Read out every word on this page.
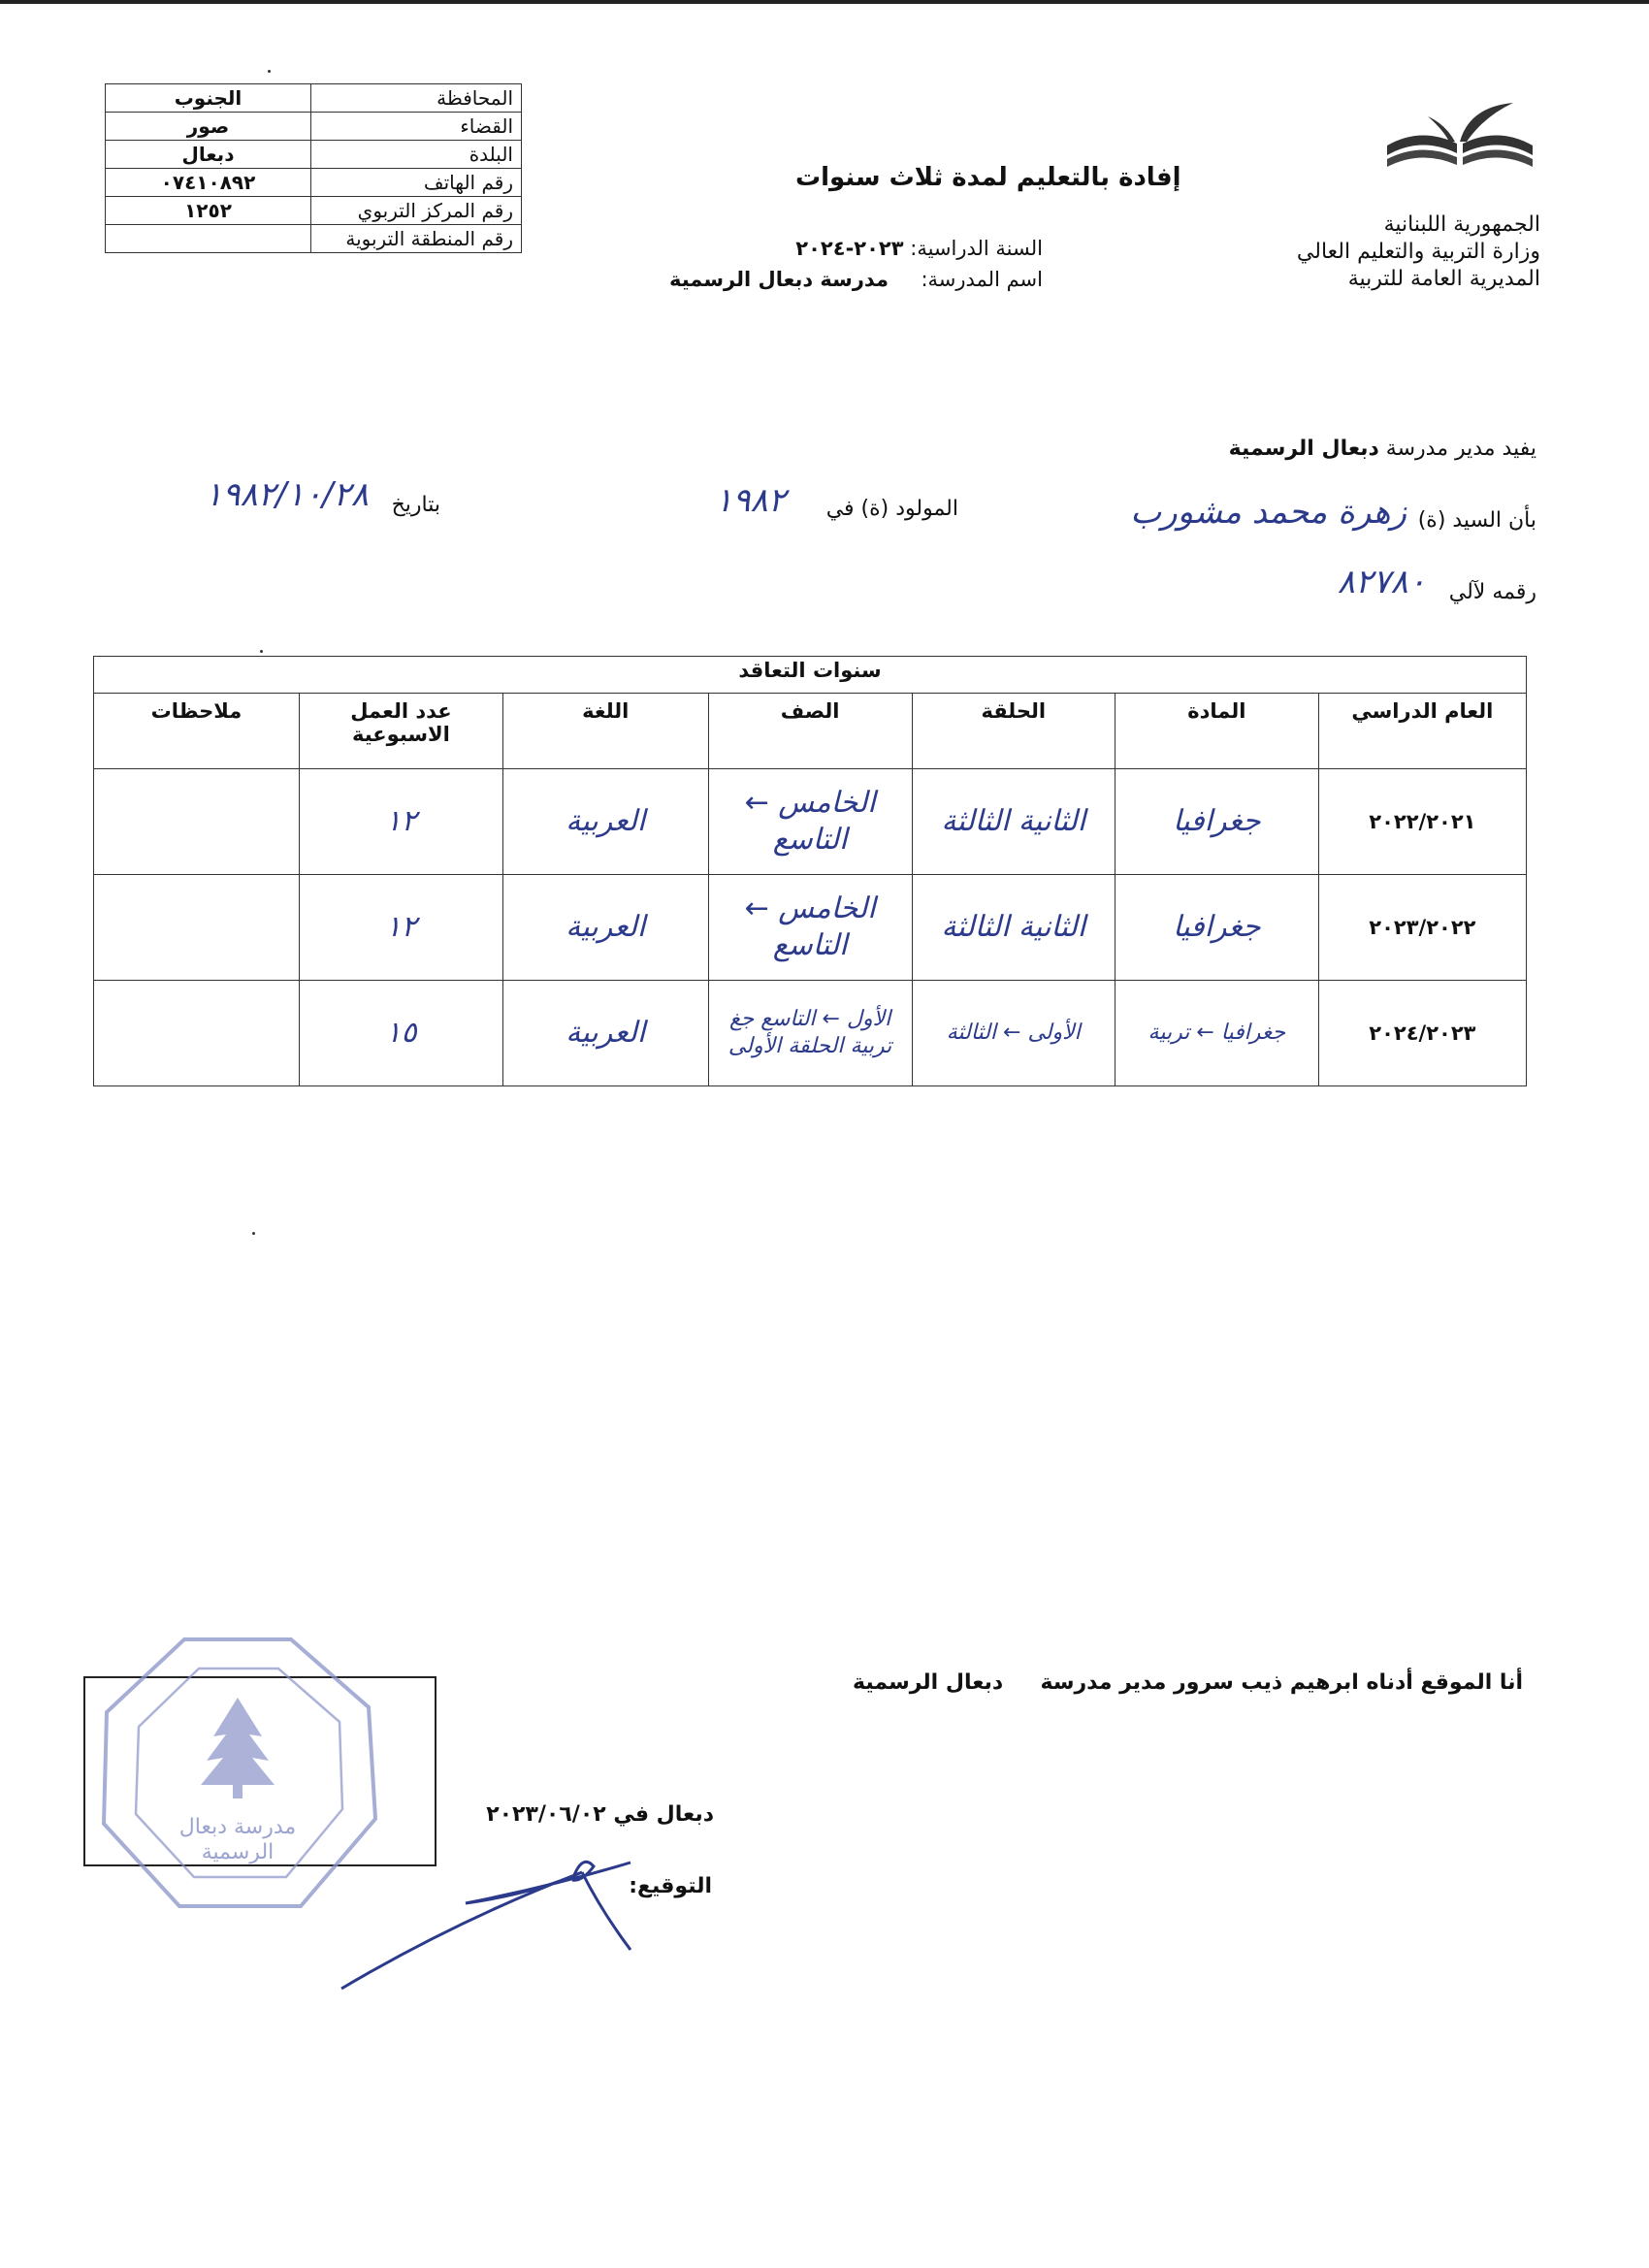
المحافظة	الجنوب
القضاء	صور
البلدة	دبعال
رقم الهاتف	٠٧٤١٠٨٩٢
رقم المركز التربوي	١٢٥٢
رقم المنطقة التربوية	
الجمهورية اللبنانية
وزارة التربية والتعليم العالي
المديرية العامة للتربية
إفادة بالتعليم لمدة ثلاث سنوات
السنة الدراسية: ٢٠٢٣-٢٠٢٤
اسم المدرسة:     مدرسة دبعال الرسمية
يفيد مدير مدرسة دبعال الرسمية
بأن السيد (ة)
زهرة محمد مشورب
المولود (ة) في
١٩٨٢
بتاريخ
١٩٨٢/١٠/٢٨
رقمه لآلي
٨٢٧٨٠
سنوات التعاقد						
العام الدراسي	المادة	الحلقة	الصف	اللغة	عدد العمل الاسبوعية	ملاحظات
٢٠٢٢/٢٠٢١	جغرافيا	الثانية الثالثة	الخامس ← التاسع	العربية	١٢	
٢٠٢٣/٢٠٢٢	جغرافيا	الثانية الثالثة	الخامس ← التاسع	العربية	١٢	
٢٠٢٤/٢٠٢٣	جغرافيا ← تربية	الأولى ← الثالثة	الأول ← التاسع جغ تربية الحلقة الأولى	العربية	١٥	
أنا الموقع أدناه ابرهيم ذيب سرور مدير مدرسة     دبعال الرسمية
دبعال في ٢٠٢٣/٠٦/٠٢
التوقيع:
مدرسة دبعال
الرسمية
